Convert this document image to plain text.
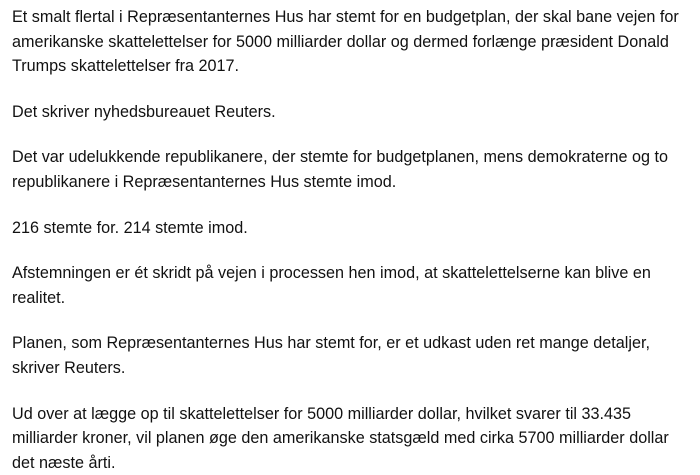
Et smalt flertal i Repræsentanternes Hus har stemt for en budgetplan, der skal bane vejen for amerikanske skattelettelser for 5000 milliarder dollar og dermed forlænge præsident Donald Trumps skattelettelser fra 2017.

Det skriver nyhedsbureauet Reuters.

Det var udelukkende republikanere, der stemte for budgetplanen, mens demokraterne og to republikanere i Repræsentanternes Hus stemte imod.

216 stemte for. 214 stemte imod.

Afstemningen er ét skridt på vejen i processen hen imod, at skattelettelserne kan blive en realitet.

Planen, som Repræsentanternes Hus har stemt for, er et udkast uden ret mange detaljer, skriver Reuters.

Ud over at lægge op til skattelettelser for 5000 milliarder dollar, hvilket svarer til 33.435 milliarder kroner, vil planen øge den amerikanske statsgæld med cirka 5700 milliarder dollar det næste årti.
